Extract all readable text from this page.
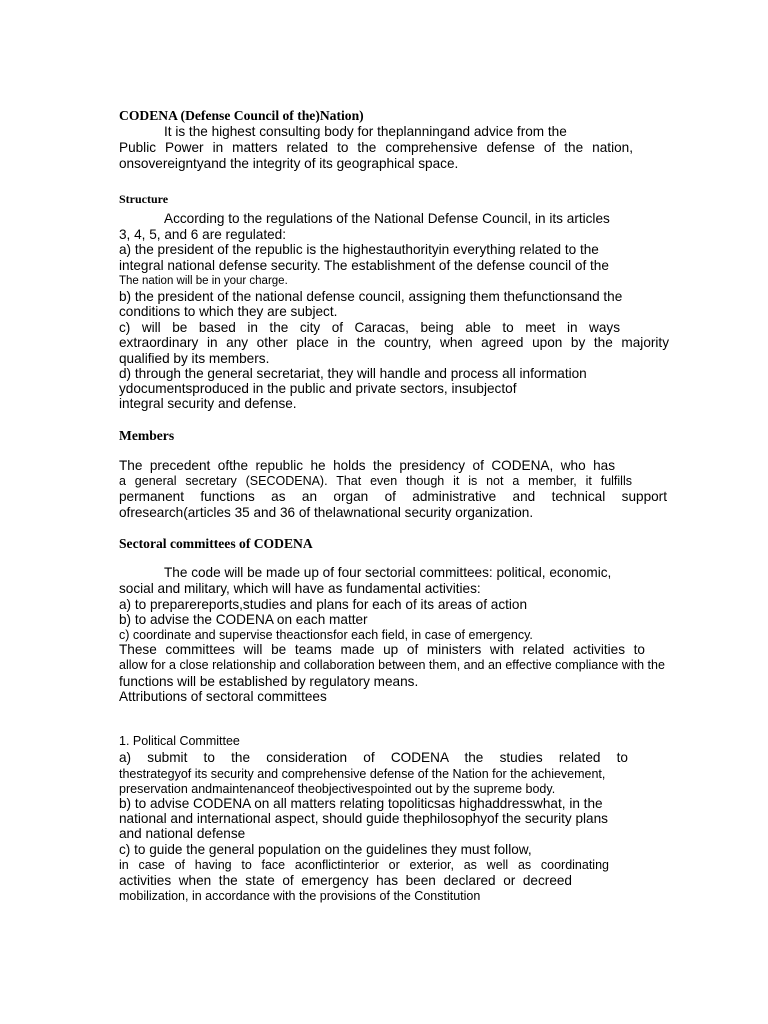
CODENA (Defense Council of the)Nation)
It is the highest consulting body for theplanningand advice from the
Public Power in matters related to the comprehensive defense of the nation,
onsovereigntyand the integrity of its geographical space.
Structure
According to the regulations of the National Defense Council, in its articles
3, 4, 5, and 6 are regulated:
a) the president of the republic is the highestauthorityin everything related to the
integral national defense security. The establishment of the defense council of the
The nation will be in your charge.
b) the president of the national defense council, assigning them thefunctionsand the
conditions to which they are subject.
c) will be based in the city of Caracas, being able to meet in ways
extraordinary in any other place in the country, when agreed upon by the majority
qualified by its members.
d) through the general secretariat, they will handle and process all information
ydocumentsproduced in the public and private sectors, insubjectof
integral security and defense.
Members
The precedent ofthe republic he holds the presidency of CODENA, who has
a general secretary (SECODENA). That even though it is not a member, it fulfills
permanent functions as an organ of administrative and technical support
ofresearch(articles 35 and 36 of thelawnational security organization.
Sectoral committees of CODENA
The code will be made up of four sectorial committees: political, economic,
social and military, which will have as fundamental activities:
a) to preparereports,studies and plans for each of its areas of action
b) to advise the CODENA on each matter
c) coordinate and supervise theactionsfor each field, in case of emergency.
These committees will be teams made up of ministers with related activities to
allow for a close relationship and collaboration between them, and an effective compliance with the
functions will be established by regulatory means.
Attributions of sectoral committees
1. Political Committee
a) submit to the consideration of CODENA the studies related to
thestrategyof its security and comprehensive defense of the Nation for the achievement,
preservation andmaintenanceof theobjectivespointed out by the supreme body.
b) to advise CODENA on all matters relating topoliticsas highaddresswhat, in the
national and international aspect, should guide thephilosophyof the security plans
and national defense
c) to guide the general population on the guidelines they must follow,
in case of having to face aconflictinterior or exterior, as well as coordinating
activities when the state of emergency has been declared or decreed
mobilization, in accordance with the provisions of the Constitution
